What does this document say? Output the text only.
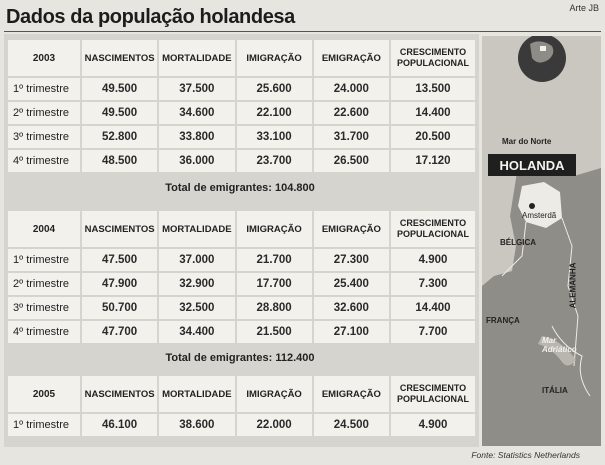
Dados da população holandesa	Arte JB
2003	NASCIMENTOS	MORTALIDADE	IMIGRAÇÃO	EMIGRAÇÃO	CRESCIMENTO POPULACIONAL
1º trimestre	49.500	37.500	25.600	24.000	13.500
2º trimestre	49.500	34.600	22.100	22.600	14.400
3º trimestre	52.800	33.800	33.100	31.700	20.500
4º trimestre	48.500	36.000	23.700	26.500	17.120
Total de emigrantes: 104.800
2004	NASCIMENTOS	MORTALIDADE	IMIGRAÇÃO	EMIGRAÇÃO	CRESCIMENTO POPULACIONAL
1º trimestre	47.500	37.000	21.700	27.300	4.900
2º trimestre	47.900	32.900	17.700	25.400	7.300
3º trimestre	50.700	32.500	28.800	32.600	14.400
4º trimestre	47.700	34.400	21.500	27.100	7.700
Total de emigrantes: 112.400
2005	NASCIMENTOS	MORTALIDADE	IMIGRAÇÃO	EMIGRAÇÃO	CRESCIMENTO POPULACIONAL
1º trimestre	46.100	38.600	22.000	24.500	4.900
Mar do Norte
HOLANDA
Amsterdã
BÉLGICA
ALEMANHA
FRANÇA
Mar Adriático
ITÁLIA
Fonte: Statistics Netherlands
